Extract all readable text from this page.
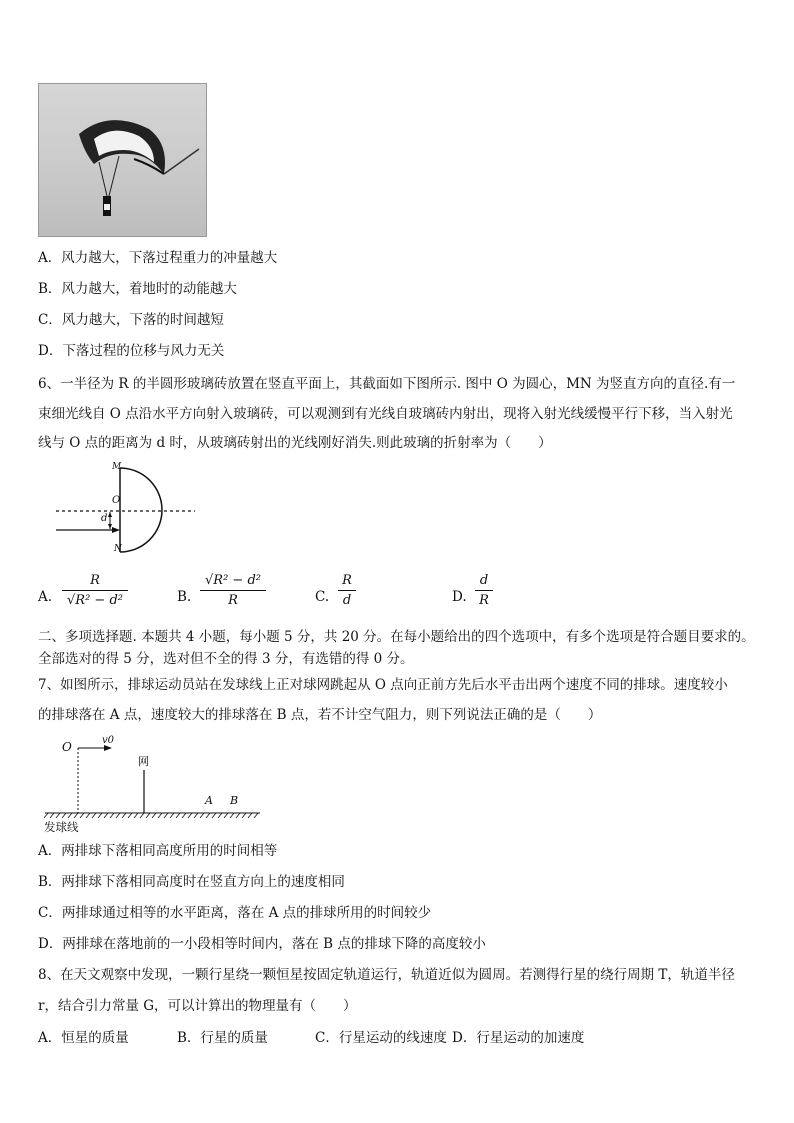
A．风力越大，下落过程重力的冲量越大
B．风力越大，着地时的动能越大
C．风力越大，下落的时间越短
D．下落过程的位移与风力无关
6、一半径为 R 的半圆形玻璃砖放置在竖直平面上，其截面如下图所示. 图中 O 为圆心，MN 为竖直方向的直径.有一
束细光线自 O 点沿水平方向射入玻璃砖，可以观测到有光线自玻璃砖内射出，现将入射光线缓慢平行下移，当入射光
线与 O 点的距离为 d 时，从玻璃砖射出的光线刚好消失.则此玻璃的折射率为（　　）
M
O
d
N
A.
R
√R² − d²	B.
√R² − d²
R	C.
R
d	D.
d
R
二、多项选择题. 本题共 4 小题，每小题 5 分，共 20 分。在每小题给出的四个选项中，有多个选项是符合题目要求的。
全部选对的得 5 分，选对但不全的得 3 分，有选错的得 0 分。
7、如图所示，排球运动员站在发球线上正对球网跳起从 O 点向正前方先后水平击出两个速度不同的排球。速度较小
的排球落在 A 点，速度较大的排球落在 B 点，若不计空气阻力，则下列说法正确的是（　　）
O	v0
网
A B
发球线
A．两排球下落相同高度所用的时间相等
B．两排球下落相同高度时在竖直方向上的速度相同
C．两排球通过相等的水平距离，落在 A 点的排球所用的时间较少
D．两排球在落地前的一小段相等时间内，落在 B 点的排球下降的高度较小
8、在天文观察中发现，一颗行星绕一颗恒星按固定轨道运行，轨道近似为圆周。若测得行星的绕行周期 T，轨道半径
r，结合引力常量 G，可以计算出的物理量有（　　）
A．恒星的质量	B．行星的质量	C．行星运动的线速度 D．行星运动的加速度
